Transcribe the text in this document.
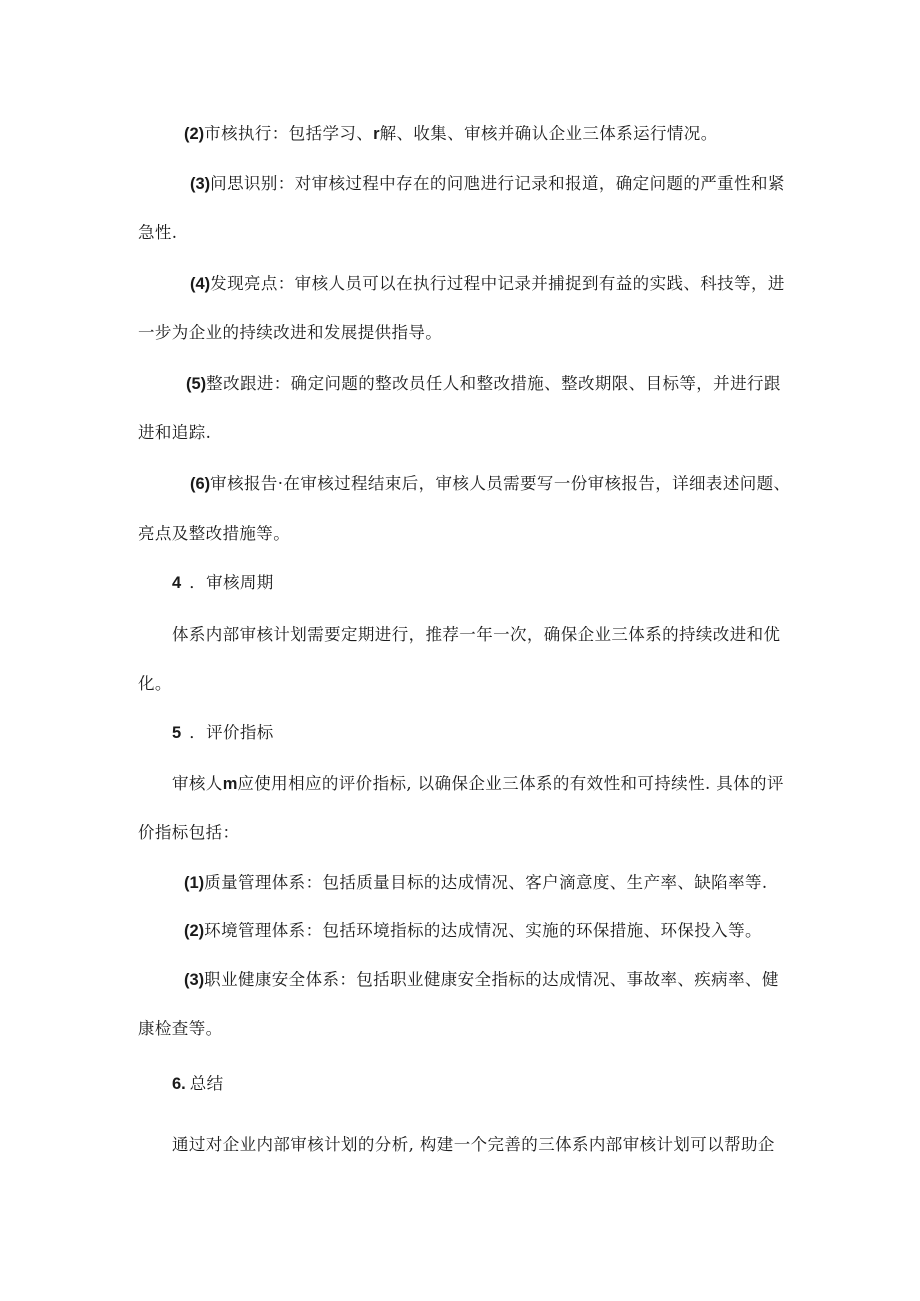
(2)市核执行：包括学习、r解、收集、审核并确认企业三体系运行情况。
(3)问思识别：对审核过程中存在的问虺进行记录和报道，确定问题的严重性和紧
急性.
(4)发现亮点：审核人员可以在执行过程中记录并捕捉到有益的实践、科技等，进
一步为企业的持续改进和发展提供指导。
(5)整改跟进：确定问题的整改员任人和整改措施、整改期限、目标等，并进行跟
进和追踪.
(6)审核报告·在审核过程结束后，审核人员需要写一份审核报告，详细表述问题、
亮点及整改措施等。
4 ．审核周期
体系内部审核计划需要定期进行，推荐一年一次，确保企业三体系的持续改进和优
化。
5 ．评价指标
审核人m应使用相应的评价指标, 以确保企业三体系的有效性和可持续性. 具体的评
价指标包括：
(1)质量管理体系：包括质量目标的达成情况、客户滴意度、生产率、缺陷率等.
(2)环境管理体系：包括环境指标的达成情况、实施的环保措施、环保投入等。
(3)职业健康安全体系：包括职业健康安全指标的达成情况、事故率、疾病率、健
康检查等。
6. 总结
通过对企业内部审核计划的分析, 构建一个完善的三体系内部审核计划可以帮助企
